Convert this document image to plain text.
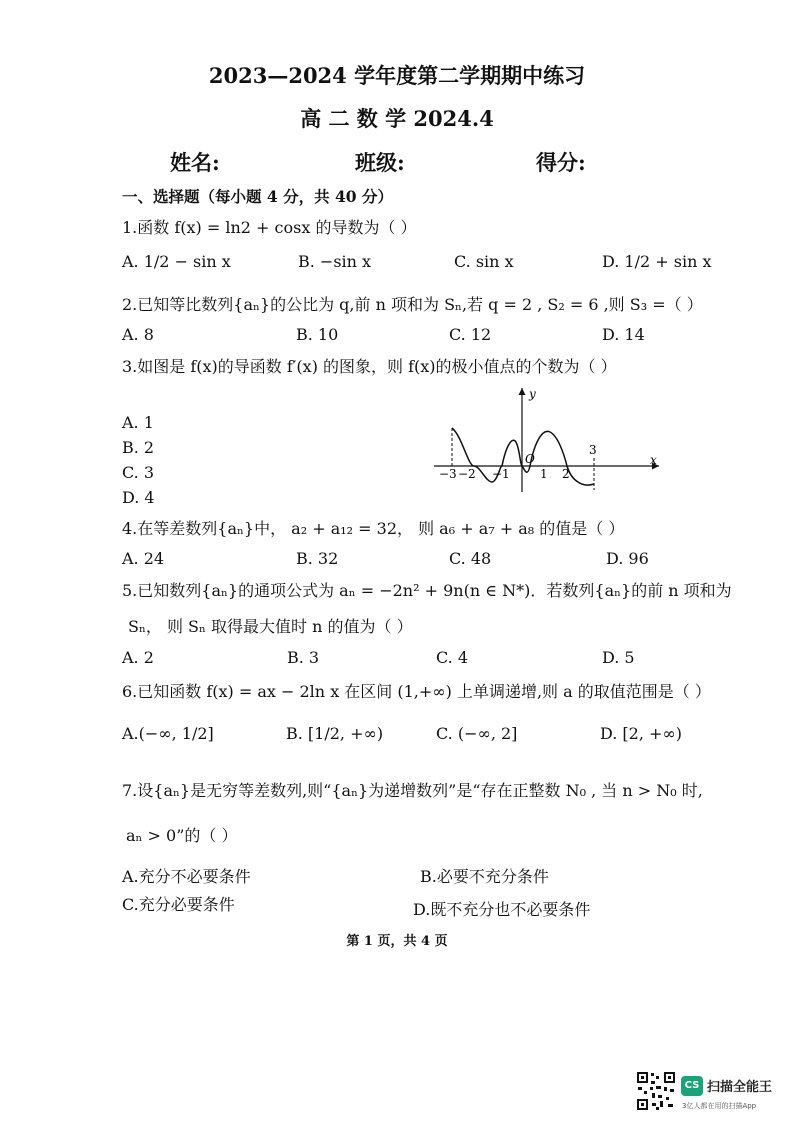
2023—2024 学年度第二学期期中练习
高 二 数 学 2024.4
姓名:	班级:	得分:
一、选择题（每小题 4 分，共 40 分）
1.函数 f(x) = ln2 + cosx 的导数为（ ）
A. 1/2 − sin x	B. −sin x	C. sin x	D. 1/2 + sin x
2.已知等比数列{aₙ}的公比为 q,前 n 项和为 Sₙ,若 q = 2 , S₂ = 6 ,则 S₃ =（ ）
A. 8	B. 10	C. 12	D. 14
3.如图是 f(x)的导函数 f′(x) 的图象，则 f(x)的极小值点的个数为（ ）
A. 1
B. 2
C. 3
D. 4
y
x
O
−3 −2 −1	1 2
3
4.在等差数列{aₙ}中， a₂ + a₁₂ = 32， 则 a₆ + a₇ + a₈ 的值是（ ）
A. 24	B. 32	C. 48	D. 96
5.已知数列{aₙ}的通项公式为 aₙ = −2n² + 9n(n ∈ N*)．若数列{aₙ}的前 n 项和为
Sₙ， 则 Sₙ 取得最大值时 n 的值为（ ）
A. 2	B. 3	C. 4	D. 5
6.已知函数 f(x) = ax − 2ln x 在区间 (1,+∞) 上单调递增,则 a 的取值范围是（ ）
A.(−∞, 1/2]	B. [1/2, +∞)	C. (−∞, 2]	D. [2, +∞)
7.设{aₙ}是无穷等差数列,则“{aₙ}为递增数列”是“存在正整数 N₀ , 当 n > N₀ 时,
aₙ > 0”的（ ）
A.充分不必要条件	B.必要不充分条件
C.充分必要条件	D.既不充分也不必要条件
第 1 页，共 4 页
CS 扫描全能王
3亿人都在用的扫描App
